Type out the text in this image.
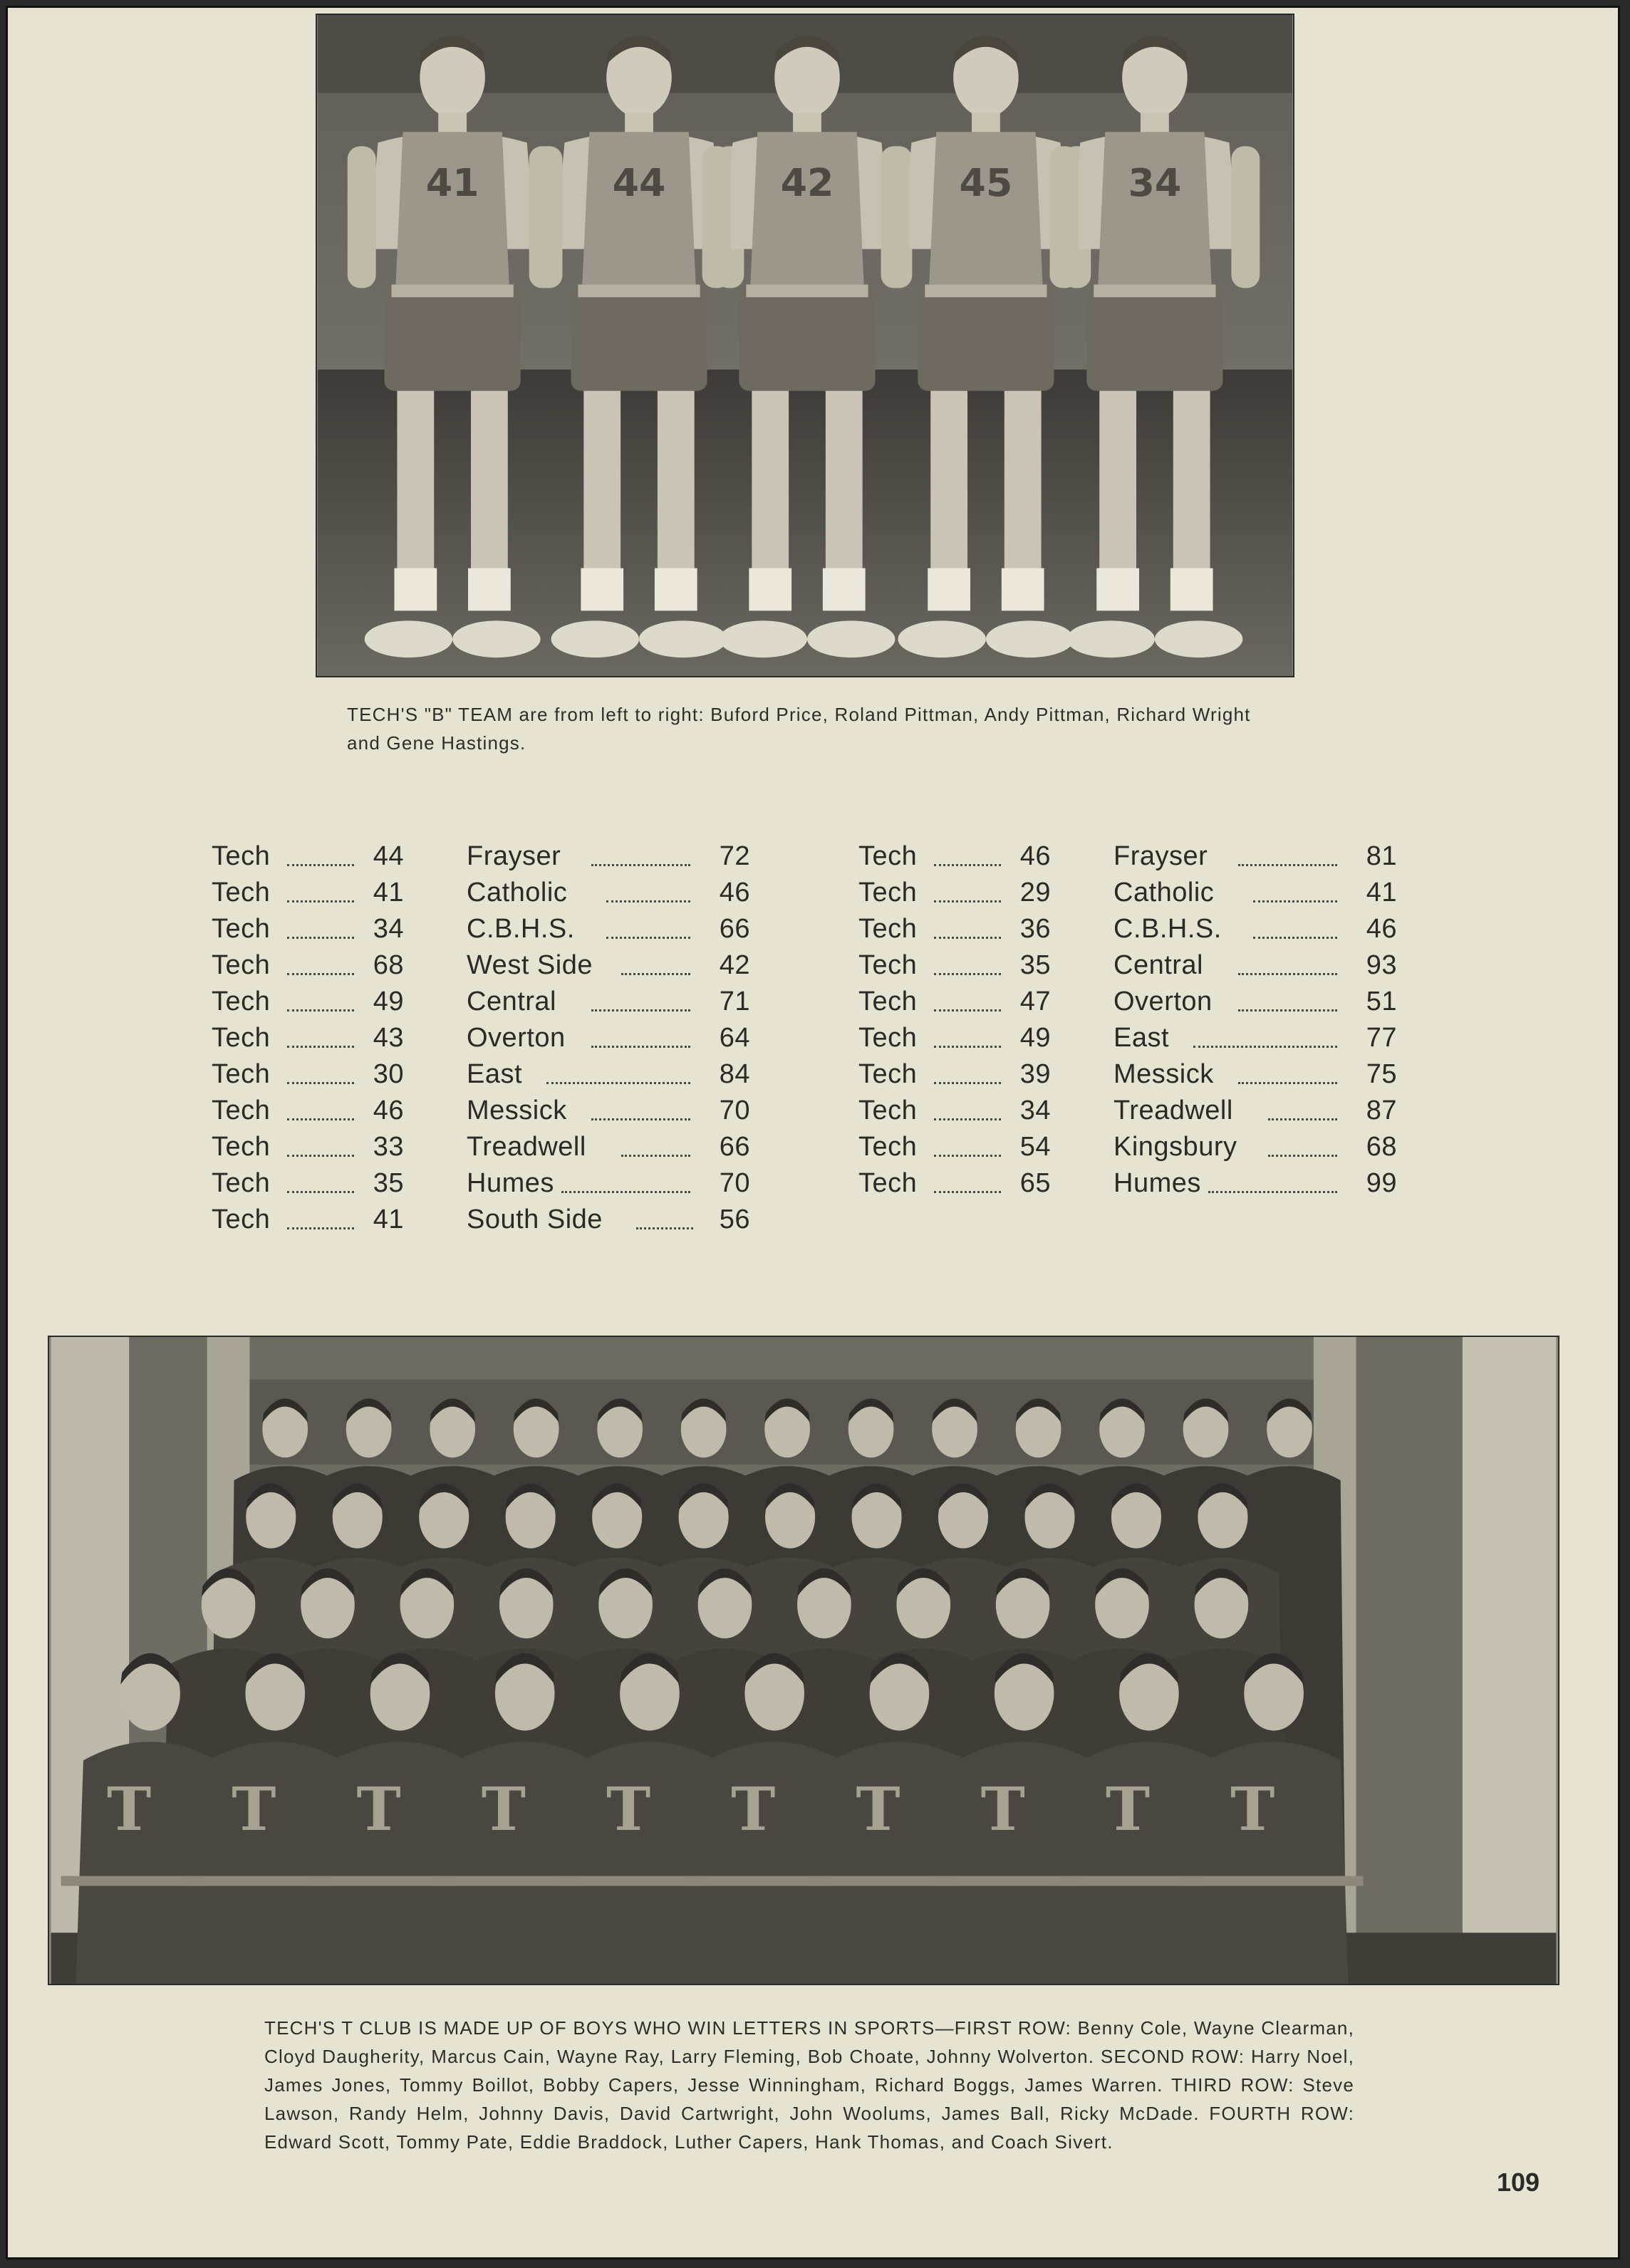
41	44	42	45	34

TECH'S "B" TEAM are from left to right: Buford Price, Roland Pittman, Andy Pittman, Richard Wright and Gene Hastings.

Tech	44 Frayser	72
Tech	41 Catholic	46
Tech	34 C.B.H.S.	66
Tech	68 West Side	42
Tech	49 Central	71
Tech	43 Overton	64
Tech	30 East	84
Tech	46 Messick	70
Tech	33 Treadwell	66
Tech	35 Humes	70
Tech	41 South Side	56
Tech	46 Frayser	81
Tech	29 Catholic	41
Tech	36 C.B.H.S.	46
Tech	35 Central	93
Tech	47 Overton	51
Tech	49 East	77
Tech	39 Messick	75
Tech	34 Treadwell	87
Tech	54 Kingsbury	68
Tech	65 Humes	99
T T T T T T T T T T

TECH'S T CLUB IS MADE UP OF BOYS WHO WIN LETTERS IN SPORTS—FIRST ROW: Benny Cole, Wayne Clearman, Cloyd Daugherity, Marcus Cain, Wayne Ray, Larry Fleming, Bob Choate, Johnny Wolverton. SECOND ROW: Harry Noel, James Jones, Tommy Boillot, Bobby Capers, Jesse Winningham, Richard Boggs, James Warren. THIRD ROW: Steve Lawson, Randy Helm, Johnny Davis, David Cartwright, John Woolums, James Ball, Ricky McDade. FOURTH ROW: Edward Scott, Tommy Pate, Eddie Braddock, Luther Capers, Hank Thomas, and Coach Sivert.

109
